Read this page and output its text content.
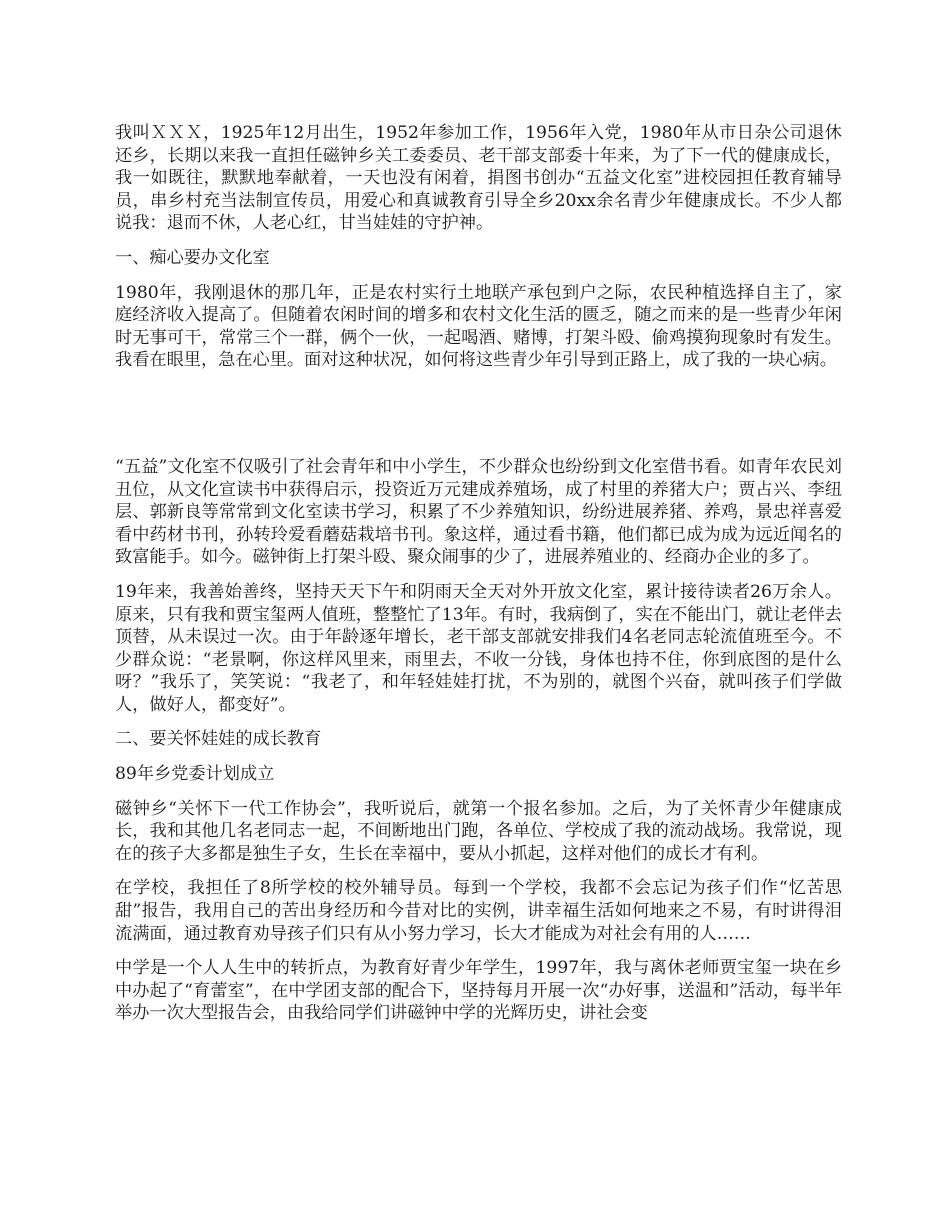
我叫ＸＸＸ，1925年12月出生，1952年参加工作，1956年入党，1980年从市日杂公司退休还乡，长期以来我一直担任磁钟乡关工委委员、老干部支部委十年来，为了下一代的健康成长，我一如既往，默默地奉献着，一天也没有闲着，捐图书创办“五益文化室”进校园担任教育辅导员，串乡村充当法制宣传员，用爱心和真诚教育引导全乡20xx余名青少年健康成长。不少人都说我：退而不休，人老心红，甘当娃娃的守护神。

一、痴心要办文化室

1980年，我刚退休的那几年，正是农村实行土地联产承包到户之际，农民种植选择自主了，家庭经济收入提高了。但随着农闲时间的增多和农村文化生活的匮乏，随之而来的是一些青少年闲时无事可干，常常三个一群，俩个一伙，一起喝酒、赌博，打架斗殴、偷鸡摸狗现象时有发生。我看在眼里，急在心里。面对这种状况，如何将这些青少年引导到正路上，成了我的一块心病。

“五益”文化室不仅吸引了社会青年和中小学生，不少群众也纷纷到文化室借书看。如青年农民刘丑位，从文化宣读书中获得启示，投资近万元建成养殖场，成了村里的养猪大户；贾占兴、李纽层、郭新良等常常到文化室读书学习，积累了不少养殖知识，纷纷进展养猪、养鸡，景忠祥喜爱看中药材书刊，孙转玲爱看蘑菇栽培书刊。象这样，通过看书籍，他们都已成为成为远近闻名的致富能手。如今。磁钟街上打架斗殴、聚众闹事的少了，进展养殖业的、经商办企业的多了。

19年来，我善始善终，坚持天天下午和阴雨天全天对外开放文化室，累计接待读者26万余人。原来，只有我和贾宝玺两人值班，整整忙了13年。有时，我病倒了，实在不能出门，就让老伴去顶替，从未误过一次。由于年龄逐年增长，老干部支部就安排我们4名老同志轮流值班至今。不少群众说：“老景啊，你这样风里来，雨里去，不收一分钱，身体也持不住，你到底图的是什么呀？”我乐了，笑笑说：“我老了，和年轻娃娃打扰，不为别的，就图个兴奋，就叫孩子们学做人，做好人，都变好”。

二、要关怀娃娃的成长教育

89年乡党委计划成立

磁钟乡“关怀下一代工作协会”，我听说后，就第一个报名参加。之后，为了关怀青少年健康成长，我和其他几名老同志一起，不间断地出门跑，各单位、学校成了我的流动战场。我常说，现在的孩子大多都是独生子女，生长在幸福中，要从小抓起，这样对他们的成长才有利。

在学校，我担任了8所学校的校外辅导员。每到一个学校，我都不会忘记为孩子们作“忆苦思甜”报告，我用自己的苦出身经历和今昔对比的实例，讲幸福生活如何地来之不易，有时讲得泪流满面，通过教育劝导孩子们只有从小努力学习，长大才能成为对社会有用的人……

中学是一个人人生中的转折点，为教育好青少年学生，1997年，我与离休老师贾宝玺一块在乡中办起了“育蕾室”，在中学团支部的配合下，坚持每月开展一次“办好事，送温和”活动，每半年举办一次大型报告会，由我给同学们讲磁钟中学的光辉历史，讲社会变
